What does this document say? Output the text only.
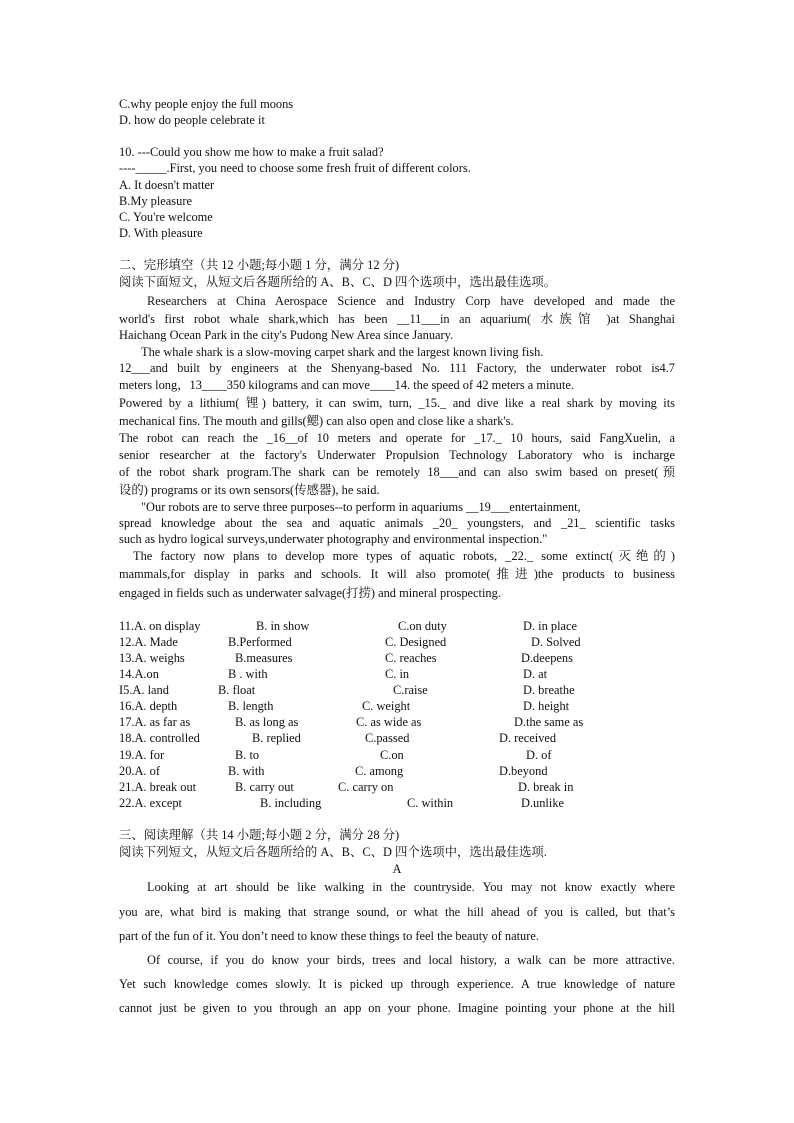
C.why people enjoy the full moons
D. how do people celebrate it
10. ---Could you show me how to make a fruit salad?
----_____.First, you need to choose some fresh fruit of different colors.
A. It doesn't matter
B.My pleasure
C. You're welcome
D. With pleasure
二、完形填空（共 12 小题;每小题 1 分，满分 12 分)
阅读下面短文，从短文后各题所给的 A、B、C、D 四个选项中，选出最佳选项。
Researchers at China Aerospace Science and Industry Corp have developed and made the
world's first robot whale shark,which has been __11___in an aquarium( 水族馆 )at Shanghai
Haichang Ocean Park in the city's Pudong New Area since January.
The whale shark is a slow-moving carpet shark and the largest known living fish.
12___and built by engineers at the Shenyang-based No. 111 Factory, the underwater robot is4.7
meters long，13____350 kilograms and can move____14. the speed of 42 meters a minute.
Powered by a lithium( 锂) battery, it can swim, turn, _15._ and dive like a real shark by moving its
mechanical fins. The mouth and gills(鳃) can also open and close like a shark's.
The robot can reach the _16__of 10 meters and operate for _17._ 10 hours, said FangXuelin, a
senior researcher at the factory's Underwater Propulsion Technology Laboratory who is incharge
of the robot shark program.The shark can be remotely 18___and can also swim based on preset(预
设的) programs or its own sensors(传感器), he said.
"Our robots are to serve three purposes--to perform in aquariums __19___entertainment,
spread knowledge about the sea and aquatic animals _20_ youngsters, and _21_ scientific tasks
such as hydro logical surveys,underwater photography and environmental inspection."
The factory now plans to develop more types of aquatic robots, _22._ some extinct(灭绝的)
mammals,for display in parks and schools. It will also promote(推进)the products to business
engaged in fields such as underwater salvage(打捞) and mineral prospecting.
11.A. on display	B. in show	C.on duty	D. in place
12.A. Made	B.Performed	C. Designed	D. Solved
13.A. weighs	B.measures	C. reaches	D.deepens
14.A.on	B . with	C. in	D. at
I5.A. land	B. float	C.raise	D. breathe
16.A. depth	B. length	C. weight	D. height
17.A. as far as	B. as long as	C. as wide as	D.the same as
18.A. controlled	B. replied	C.passed	D. received
19.A. for	B. to	C.on	D. of
20.A. of	B. with	C. among	D.beyond
21.A. break out	B. carry out	C. carry on	D. break in
22.A. except	B. including	C. within	D.unlike
三、阅读理解（共 14 小题;每小题 2 分，满分 28 分)
阅读下列短文，从短文后各题所给的 A、B、C、D 四个选项中，选出最佳选项.
A
Looking at art should be like walking in the countryside. You may not know exactly where
you are, what bird is making that strange sound, or what the hill ahead of you is called, but that’s
part of the fun of it. You don’t need to know these things to feel the beauty of nature.
Of course, if you do know your birds, trees and local history, a walk can be more attractive.
Yet such knowledge comes slowly. It is picked up through experience. A true knowledge of nature
cannot just be given to you through an app on your phone. Imagine pointing your phone at the hill
